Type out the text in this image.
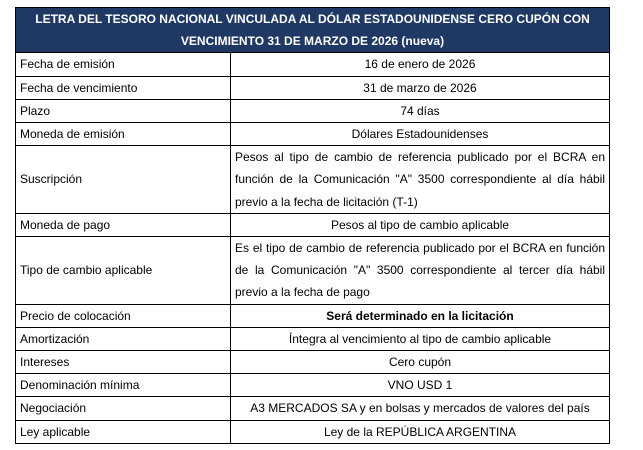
LETRA DEL TESORO NACIONAL VINCULADA AL DÓLAR ESTADOUNIDENSE CERO CUPÓN CON VENCIMIENTO 31 DE MARZO DE 2026 (nueva)	
Fecha de emisión	16 de enero de 2026
Fecha de vencimiento	31 de marzo de 2026
Plazo	74 días
Moneda de emisión	Dólares Estadounidenses
Suscripción	Pesos al tipo de cambio de referencia publicado por el BCRA en función de la Comunicación "A" 3500 correspondiente al día hábil previo a la fecha de licitación (T-1)
Moneda de pago	Pesos al tipo de cambio aplicable
Tipo de cambio aplicable	Es el tipo de cambio de referencia publicado por el BCRA en función de la Comunicación "A" 3500 correspondiente al tercer día hábil previo a la fecha de pago
Precio de colocación	Será determinado en la licitación
Amortización	Íntegra al vencimiento al tipo de cambio aplicable
Intereses	Cero cupón
Denominación mínima	VNO USD 1
Negociación	A3 MERCADOS SA y en bolsas y mercados de valores del país
Ley aplicable	Ley de la REPÚBLICA ARGENTINA
